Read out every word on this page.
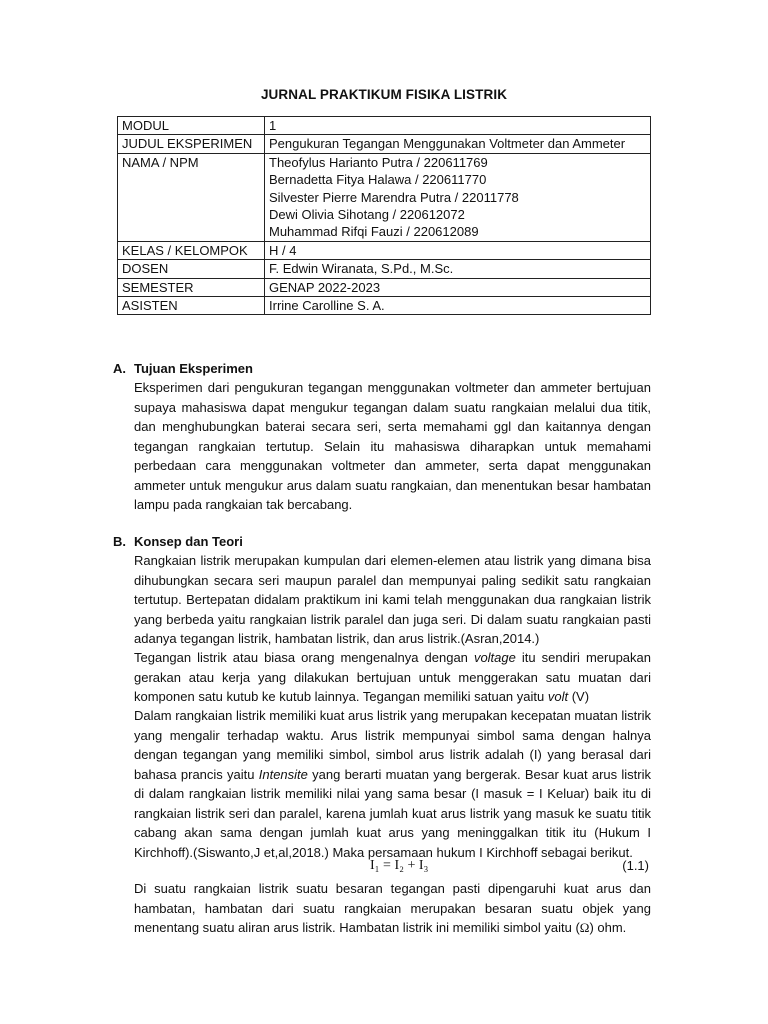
JURNAL PRAKTIKUM FISIKA LISTRIK
MODUL	1
JUDUL EKSPERIMEN	Pengukuran Tegangan Menggunakan Voltmeter dan Ammeter
NAMA / NPM	Theofylus Harianto Putra / 220611769
Bernadetta Fitya Halawa / 220611770
Silvester Pierre Marendra Putra / 22011778
Dewi Olivia Sihotang / 220612072
Muhammad Rifqi Fauzi / 220612089

KELAS / KELOMPOK	H / 4
DOSEN	F. Edwin Wiranata, S.Pd., M.Sc.
SEMESTER	GENAP 2022-2023
ASISTEN	Irrine Carolline S. A.
A. Tujuan Eksperimen

Eksperimen dari pengukuran tegangan menggunakan voltmeter dan ammeter bertujuan supaya mahasiswa dapat mengukur tegangan dalam suatu rangkaian melalui dua titik, dan menghubungkan baterai secara seri, serta memahami ggl dan kaitannya dengan tegangan rangkaian tertutup. Selain itu mahasiswa diharapkan untuk memahami perbedaan cara menggunakan voltmeter dan ammeter, serta dapat menggunakan ammeter untuk mengukur arus dalam suatu rangkaian, dan menentukan besar hambatan lampu pada rangkaian tak bercabang.

B. Konsep dan Teori

Rangkaian listrik merupakan kumpulan dari elemen-elemen atau listrik yang dimana bisa dihubungkan secara seri maupun paralel dan mempunyai paling sedikit satu rangkaian tertutup. Bertepatan didalam praktikum ini kami telah menggunakan dua rangkaian listrik yang berbeda yaitu rangkaian listrik paralel dan juga seri. Di dalam suatu rangkaian pasti adanya tegangan listrik, hambatan listrik, dan arus listrik.(Asran,2014.)

Tegangan listrik atau biasa orang mengenalnya dengan voltage itu sendiri merupakan gerakan atau kerja yang dilakukan bertujuan untuk menggerakan satu muatan dari komponen satu kutub ke kutub lainnya. Tegangan memiliki satuan yaitu volt (V)

Dalam rangkaian listrik memiliki kuat arus listrik yang merupakan kecepatan muatan listrik yang mengalir terhadap waktu. Arus listrik mempunyai simbol sama dengan halnya dengan tegangan yang memiliki simbol, simbol arus listrik adalah (I) yang berasal dari bahasa prancis yaitu Intensite yang berarti muatan yang bergerak. Besar kuat arus listrik di dalam rangkaian listrik memiliki nilai yang sama besar (I masuk = I Keluar) baik itu di rangkaian listrik seri dan paralel, karena jumlah kuat arus listrik yang masuk ke suatu titik cabang akan sama dengan jumlah kuat arus yang meninggalkan titik itu (Hukum I Kirchhoff).(Siswanto,J et,al,2018.) Maka persamaan hukum I Kirchhoff sebagai berikut.

I₁ = I₂ + I₃	(1.1)

Di suatu rangkaian listrik suatu besaran tegangan pasti dipengaruhi kuat arus dan hambatan, hambatan dari suatu rangkaian merupakan besaran suatu objek yang menentang suatu aliran arus listrik. Hambatan listrik ini memiliki simbol yaitu (Ω) ohm.
